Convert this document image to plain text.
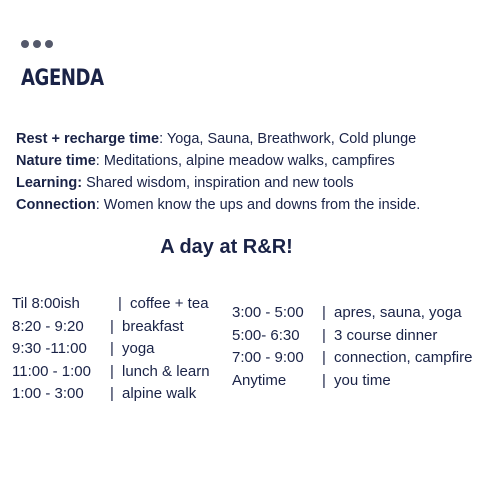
AGENDA
Rest + recharge time: Yoga, Sauna, Breathwork, Cold plunge
Nature time: Meditations, alpine meadow walks, campfires
Learning: Shared wisdom, inspiration and new tools
Connection: Women know the ups and downs from the inside.
A day at R&R!
Til 8:00ish	| coffee + tea
8:20 - 9:20	| breakfast
9:30 -11:00	| yoga
11:00 - 1:00	| lunch & learn
1:00 - 3:00	| alpine walk
3:00 - 5:00	| apres, sauna, yoga
5:00- 6:30	| 3 course dinner
7:00 - 9:00	| connection, campfire
Anytime	| you time
